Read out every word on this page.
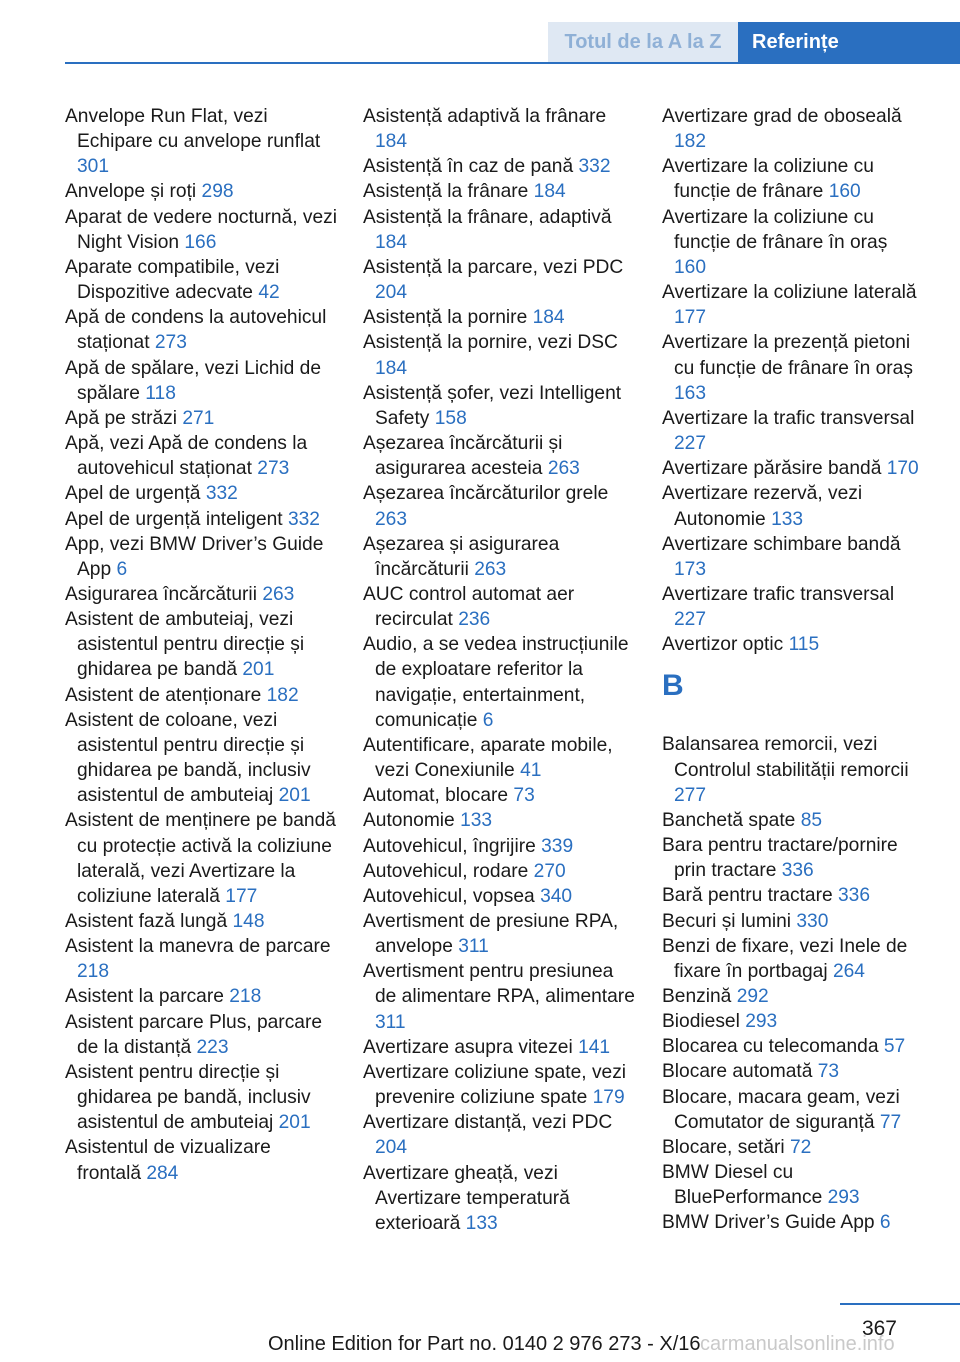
Totul de la A la Z Referințe
Anvelope Run Flat, vezi Echipare cu anvelope runflat 301
Anvelope și roți 298
Aparat de vedere nocturnă, vezi Night Vision 166
Aparate compatibile, vezi Dispozitive adecvate 42
Apă de condens la autovehicul staționat 273
Apă de spălare, vezi Lichid de spălare 118
Apă pe străzi 271
Apă, vezi Apă de condens la autovehicul staționat 273
Apel de urgență 332
Apel de urgență inteligent 332
App, vezi BMW Driver’s Guide App 6
Asigurarea încărcăturii 263
Asistent de ambuteiaj, vezi asistentul pentru direcție și ghidarea pe bandă 201
Asistent de atenționare 182
Asistent de coloane, vezi asistentul pentru direcție și ghidarea pe bandă, inclusiv asistentul de ambuteiaj 201
Asistent de menținere pe bandă cu protecție activă la coliziune laterală, vezi Avertizare la coliziune laterală 177
Asistent fază lungă 148
Asistent la manevra de parcare 218
Asistent la parcare 218
Asistent parcare Plus, parcare de la distanță 223
Asistent pentru direcție și ghidarea pe bandă, inclusiv asistentul de ambuteiaj 201
Asistentul de vizualizare frontală 284
Asistență adaptivă la frânare 184
Asistență în caz de pană 332
Asistență la frânare 184
Asistență la frânare, adaptivă 184
Asistență la parcare, vezi PDC 204
Asistență la pornire 184
Asistență la pornire, vezi DSC 184
Asistență șofer, vezi Intelligent Safety 158
Așezarea încărcăturii și asigurarea acesteia 263
Așezarea încărcăturilor grele 263
Așezarea și asigurarea încărcăturii 263
AUC control automat aer recirculat 236
Audio, a se vedea instrucțiunile de exploatare referitor la navigație, entertainment, comunicație 6
Autentificare, aparate mobile, vezi Conexiunile 41
Automat, blocare 73
Autonomie 133
Autovehicul, îngrijire 339
Autovehicul, rodare 270
Autovehicul, vopsea 340
Avertisment de presiune RPA, anvelope 311
Avertisment pentru presiunea de alimentare RPA, alimentare 311
Avertizare asupra vitezei 141
Avertizare coliziune spate, vezi prevenire coliziune spate 179
Avertizare distanță, vezi PDC 204
Avertizare gheață, vezi Avertizare temperatură exterioară 133
Avertizare grad de oboseală 182
Avertizare la coliziune cu funcție de frânare 160
Avertizare la coliziune cu funcție de frânare în oraș 160
Avertizare la coliziune laterală 177
Avertizare la prezență pietoni cu funcție de frânare în oraș 163
Avertizare la trafic transversal 227
Avertizare părăsire bandă 170
Avertizare rezervă, vezi Autonomie 133
Avertizare schimbare bandă 173
Avertizare trafic transversal 227
Avertizor optic 115
B
Balansarea remorcii, vezi Controlul stabilității remorcii 277
Banchetă spate 85
Bara pentru tractare/pornire prin tractare 336
Bară pentru tractare 336
Becuri și lumini 330
Benzi de fixare, vezi Inele de fixare în portbagaj 264
Benzină 292
Biodiesel 293
Blocarea cu telecomanda 57
Blocare automată 73
Blocare, macara geam, vezi Comutator de siguranță 77
Blocare, setări 72
BMW Diesel cu BluePerformance 293
BMW Driver’s Guide App 6
367
Online Edition for Part no. 0140 2 976 273 - X/16 carmanualsonline.info
